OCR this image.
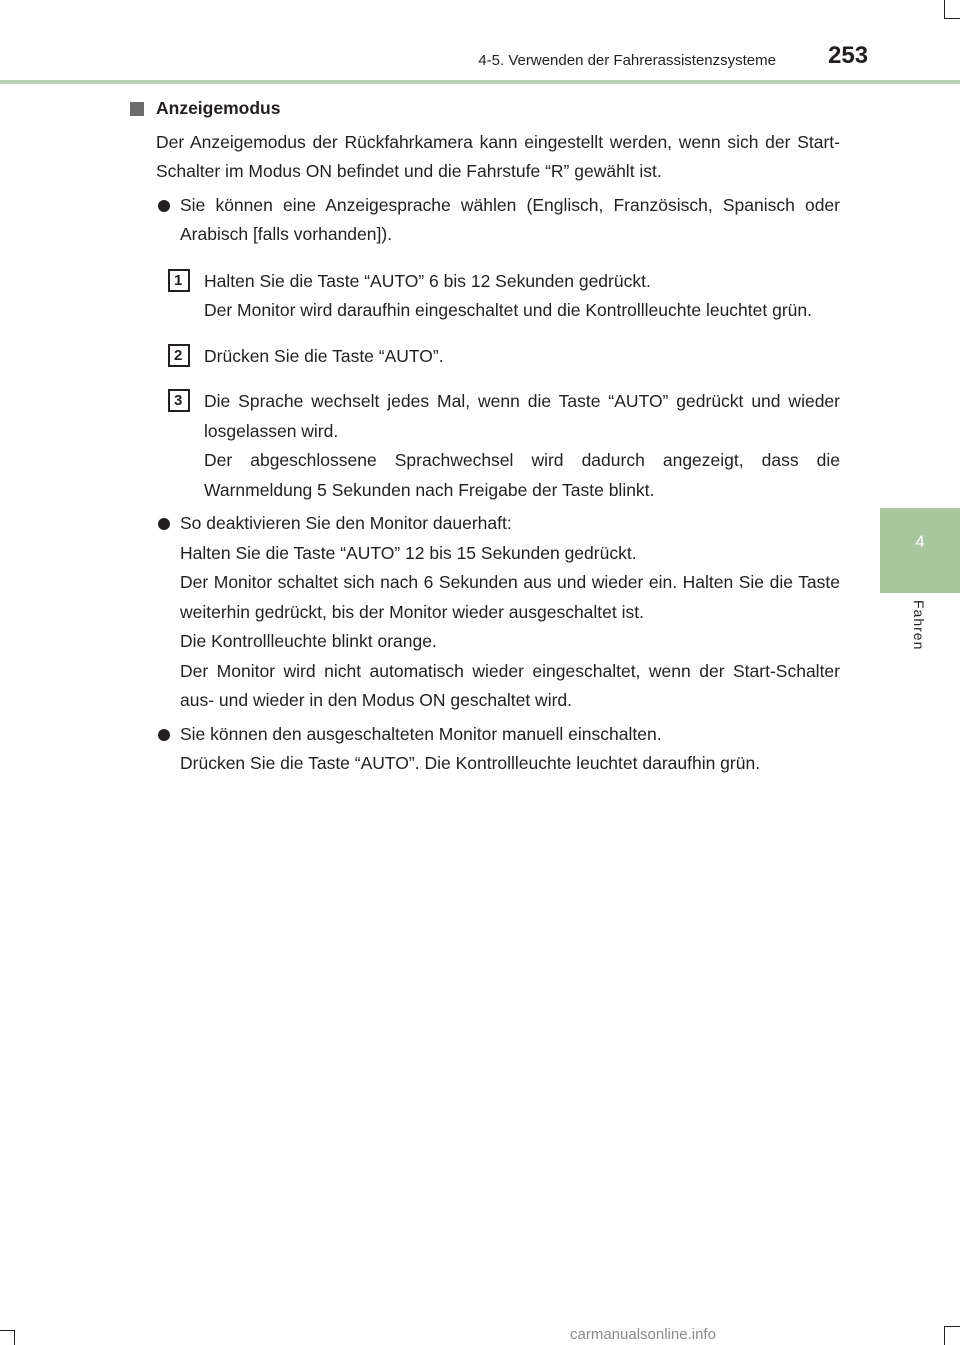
4-5. Verwenden der Fahrerassistenzsysteme 253
4
Fahren
Anzeigemodus
Der Anzeigemodus der Rückfahrkamera kann eingestellt werden, wenn sich der Start-Schalter im Modus ON befindet und die Fahrstufe “R” gewählt ist.
Sie können eine Anzeigesprache wählen (Englisch, Französisch, Spanisch oder Arabisch [falls vorhanden]).
1	Halten Sie die Taste “AUTO” 6 bis 12 Sekunden gedrückt.
Der Monitor wird daraufhin eingeschaltet und die Kontrollleuchte leuchtet grün.
2	Drücken Sie die Taste “AUTO”.
3	Die Sprache wechselt jedes Mal, wenn die Taste “AUTO” gedrückt und wieder losgelassen wird.
Der abgeschlossene Sprachwechsel wird dadurch angezeigt, dass die Warnmeldung 5 Sekunden nach Freigabe der Taste blinkt.
So deaktivieren Sie den Monitor dauerhaft:
Halten Sie die Taste “AUTO” 12 bis 15 Sekunden gedrückt.
Der Monitor schaltet sich nach 6 Sekunden aus und wieder ein. Halten Sie die Taste weiterhin gedrückt, bis der Monitor wieder ausgeschaltet ist.
Die Kontrollleuchte blinkt orange.
Der Monitor wird nicht automatisch wieder eingeschaltet, wenn der Start-Schalter aus- und wieder in den Modus ON geschaltet wird.
Sie können den ausgeschalteten Monitor manuell einschalten.
Drücken Sie die Taste “AUTO”. Die Kontrollleuchte leuchtet daraufhin grün.
carmanualsonline.info
